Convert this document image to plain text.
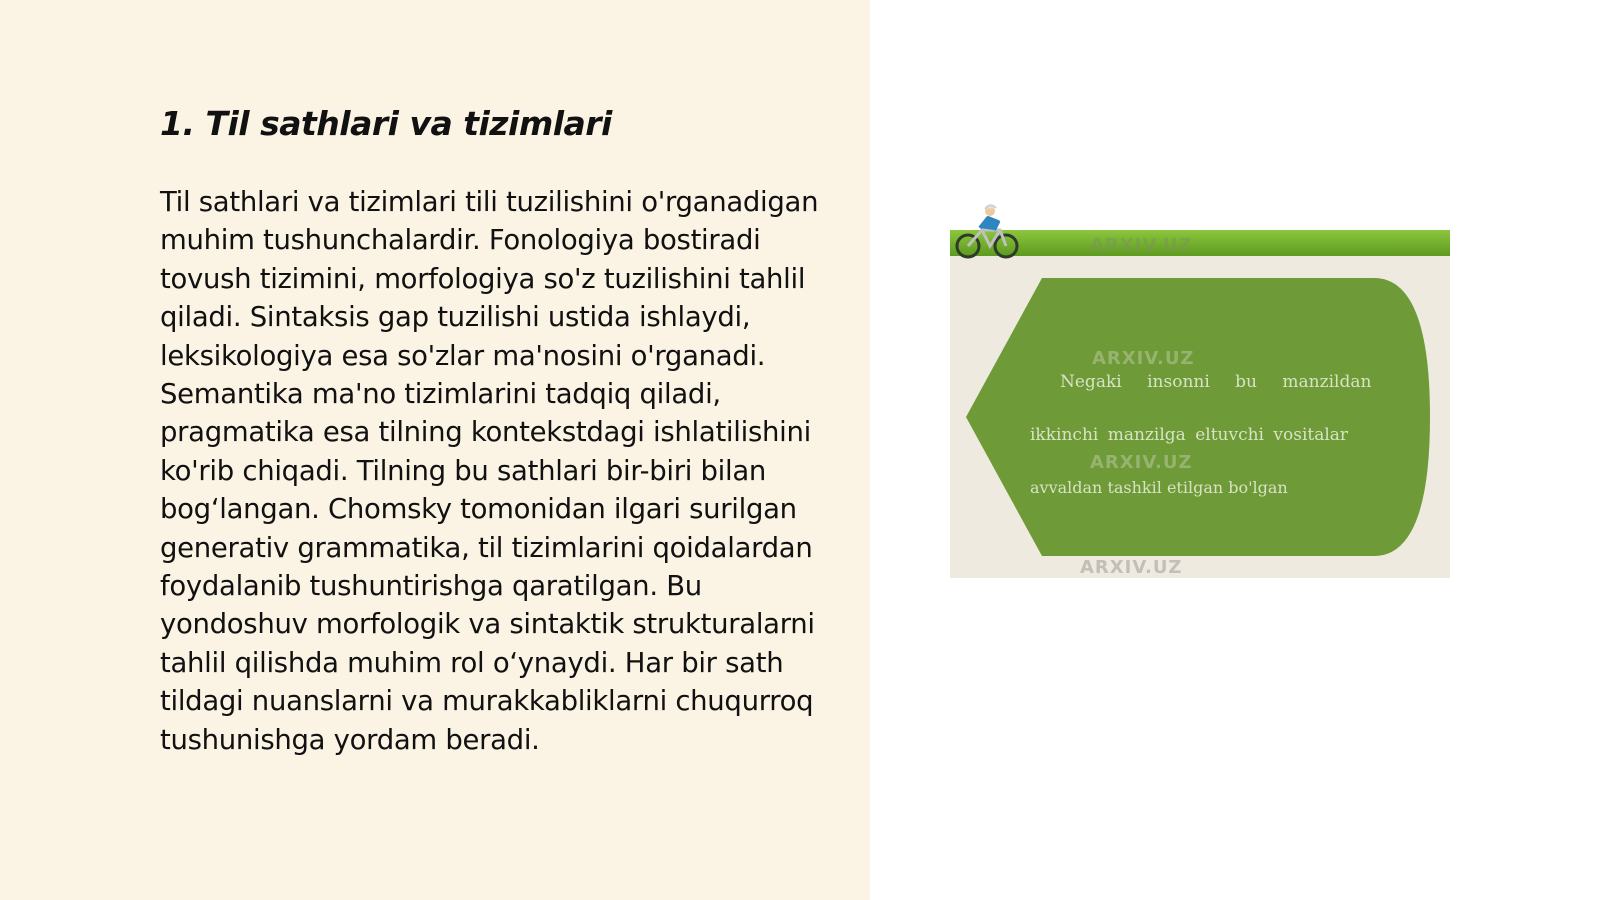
1. Til sathlari va tizimlari

Til sathlari va tizimlari tili tuzilishini o'rganadigan muhim tushunchalardir. Fonologiya bostiradi tovush tizimini, morfologiya so'z tuzilishini tahlil qiladi. Sintaksis gap tuzilishi ustida ishlaydi, leksikologiya esa so'zlar ma'nosini o'rganadi. Semantika ma'no tizimlarini tadqiq qiladi, pragmatika esa tilning kontekstdagi ishlatilishini ko'rib chiqadi. Tilning bu sathlari bir-biri bilan bog‘langan. Chomsky tomonidan ilgari surilgan generativ grammatika, til tizimlarini qoidalardan foydalanib tushuntirishga qaratilgan. Bu yondoshuv morfologik va sintaktik strukturalarni tahlil qilishda muhim rol o‘ynaydi. Har bir sath tildagi nuanslarni va murakkabliklarni chuqurroq tushunishga yordam beradi.

ARXIV.UZ
ARXIV.UZ
ARXIV.UZ
ARXIV.UZ
Negaki insonni bu manzildan
ikkinchi manzilga eltuvchi vositalar
avvaldan tashkil etilgan bo'lgan
